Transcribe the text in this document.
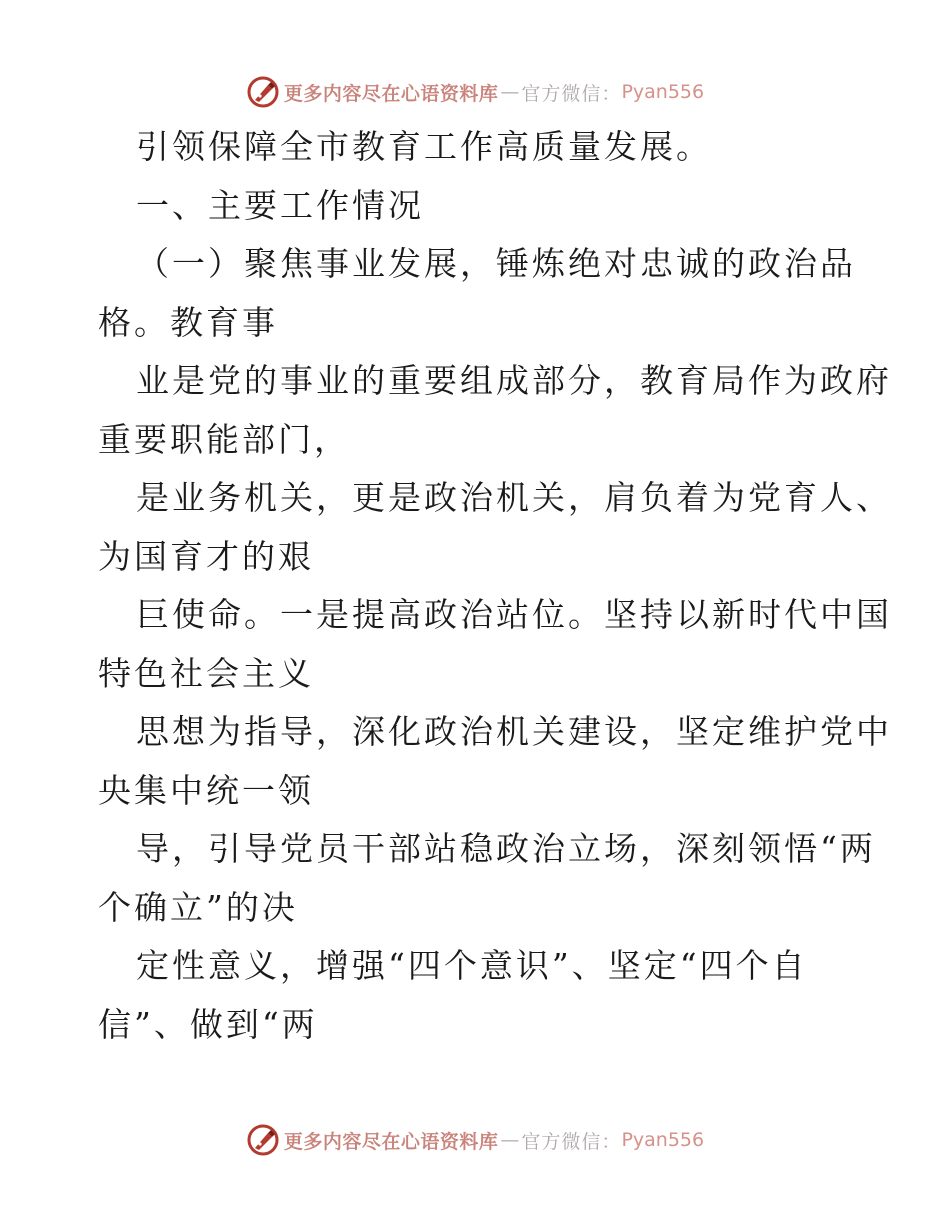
更多内容尽在心语资料库 — 官方微信： Pyan556
引领保障全市教育工作高质量发展。
一、主要工作情况
（一）聚焦事业发展，锤炼绝对忠诚的政治品
格。教育事
业是党的事业的重要组成部分，教育局作为政府
重要职能部门，
是业务机关，更是政治机关，肩负着为党育人、
为国育才的艰
巨使命。一是提高政治站位。坚持以新时代中国
特色社会主义
思想为指导，深化政治机关建设，坚定维护党中
央集中统一领
导，引导党员干部站稳政治立场，深刻领悟“两
个确立”的决
定性意义，增强“四个意识”、坚定“四个自
信”、做到“两
更多内容尽在心语资料库 — 官方微信： Pyan556
